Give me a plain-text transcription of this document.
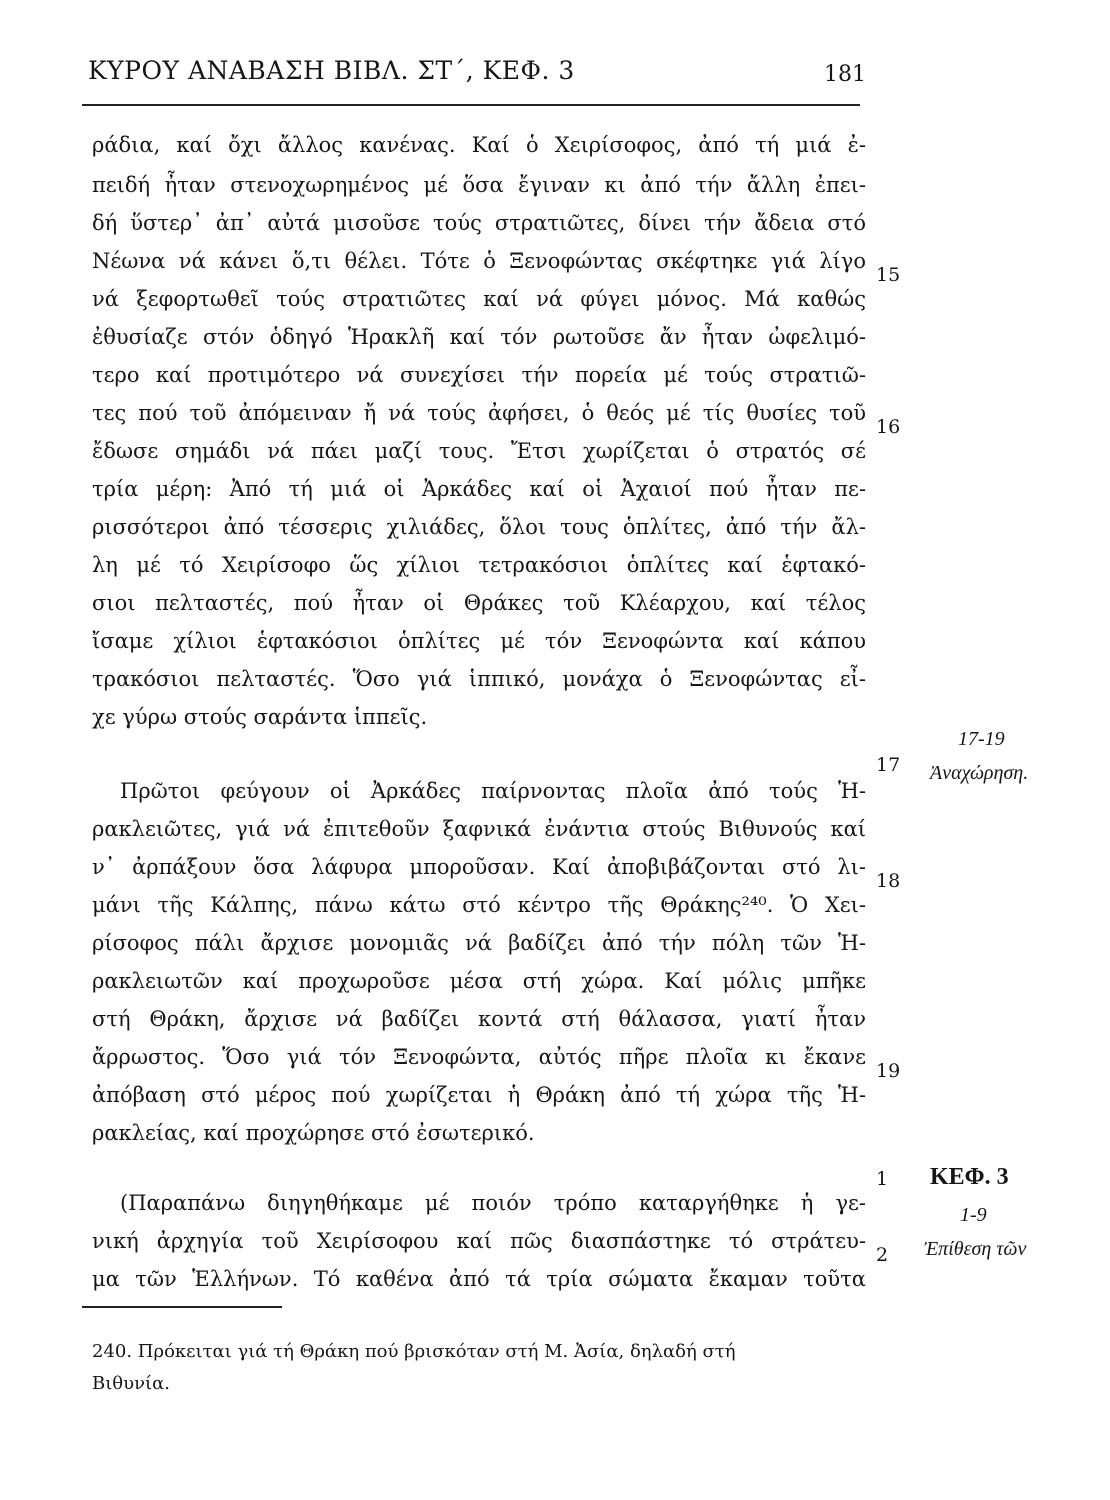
ΚΥΡΟΥ ΑΝΑΒΑΣΗ ΒΙΒΛ. ΣΤ΄, ΚΕΦ. 3	181
ράδια, καί ὄχι ἄλλος κανένας. Καί ὁ Χειρίσοφος, ἀπό τή μιά ἐ-
πειδή ἦταν στενοχωρημένος μέ ὅσα ἔγιναν κι ἀπό τήν ἄλλη ἐπει-
δή ὕστερ᾿ ἀπ᾿ αὐτά μισοῦσε τούς στρατιῶτες, δίνει τήν ἄδεια στό
Νέωνα νά κάνει ὅ,τι θέλει. Τότε ὁ Ξενοφώντας σκέφτηκε γιά λίγο
νά ξεφορτωθεῖ τούς στρατιῶτες καί νά φύγει μόνος. Μά καθώς
ἐθυσίαζε στόν ὁδηγό Ἡρακλῆ καί τόν ρωτοῦσε ἄν ἦταν ὠφελιμό-
τερο καί προτιμότερο νά συνεχίσει τήν πορεία μέ τούς στρατιῶ-
τες πού τοῦ ἀπόμειναν ἤ νά τούς ἀφήσει, ὁ θεός μέ τίς θυσίες τοῦ
ἔδωσε σημάδι νά πάει μαζί τους. Ἔτσι χωρίζεται ὁ στρατός σέ
τρία μέρη: Ἀπό τή μιά οἱ Ἀρκάδες καί οἱ Ἀχαιοί πού ἦταν πε-
ρισσότεροι ἀπό τέσσερις χιλιάδες, ὅλοι τους ὁπλίτες, ἀπό τήν ἄλ-
λη μέ τό Χειρίσοφο ὥς χίλιοι τετρακόσιοι ὁπλίτες καί ἑφτακό-
σιοι πελταστές, πού ἦταν οἱ Θράκες τοῦ Κλέαρχου, καί τέλος
ἴσαμε χίλιοι ἑφτακόσιοι ὁπλίτες μέ τόν Ξενοφώντα καί κάπου
τρακόσιοι πελταστές. Ὅσο γιά ἱππικό, μονάχα ὁ Ξενοφώντας εἶ-
χε γύρω στούς σαράντα ἱππεῖς.
Πρῶτοι φεύγουν οἱ Ἀρκάδες παίρνοντας πλοῖα ἀπό τούς Ἡ-
ρακλειῶτες, γιά νά ἐπιτεθοῦν ξαφνικά ἐνάντια στούς Βιθυνούς καί
ν᾿ ἀρπάξουν ὅσα λάφυρα μποροῦσαν. Καί ἀποβιβάζονται στό λι-
μάνι τῆς Κάλπης, πάνω κάτω στό κέντρο τῆς Θράκης²⁴⁰. Ὁ Χει-
ρίσοφος πάλι ἄρχισε μονομιᾶς νά βαδίζει ἀπό τήν πόλη τῶν Ἡ-
ρακλειωτῶν καί προχωροῦσε μέσα στή χώρα. Καί μόλις μπῆκε
στή Θράκη, ἄρχισε νά βαδίζει κοντά στή θάλασσα, γιατί ἦταν
ἄρρωστος. Ὅσο γιά τόν Ξενοφώντα, αὐτός πῆρε πλοῖα κι ἔκανε
ἀπόβαση στό μέρος πού χωρίζεται ἡ Θράκη ἀπό τή χώρα τῆς Ἡ-
ρακλείας, καί προχώρησε στό ἐσωτερικό.
(Παραπάνω διηγηθήκαμε μέ ποιόν τρόπο καταργήθηκε ἡ γε-
νική ἀρχηγία τοῦ Χειρίσοφου καί πῶς διασπάστηκε τό στράτευ-
μα τῶν Ἑλλήνων. Τό καθένα ἀπό τά τρία σώματα ἔκαμαν τοῦτα
15
16
17
18
19
1
2
17-19
Ἀναχώρηση.
ΚΕΦ. 3
1-9
Ἐπίθεση τῶν
240. Πρόκειται γιά τή Θράκη πού βρισκόταν στή Μ. Ἀσία, δηλαδή στή
Βιθυνία.
